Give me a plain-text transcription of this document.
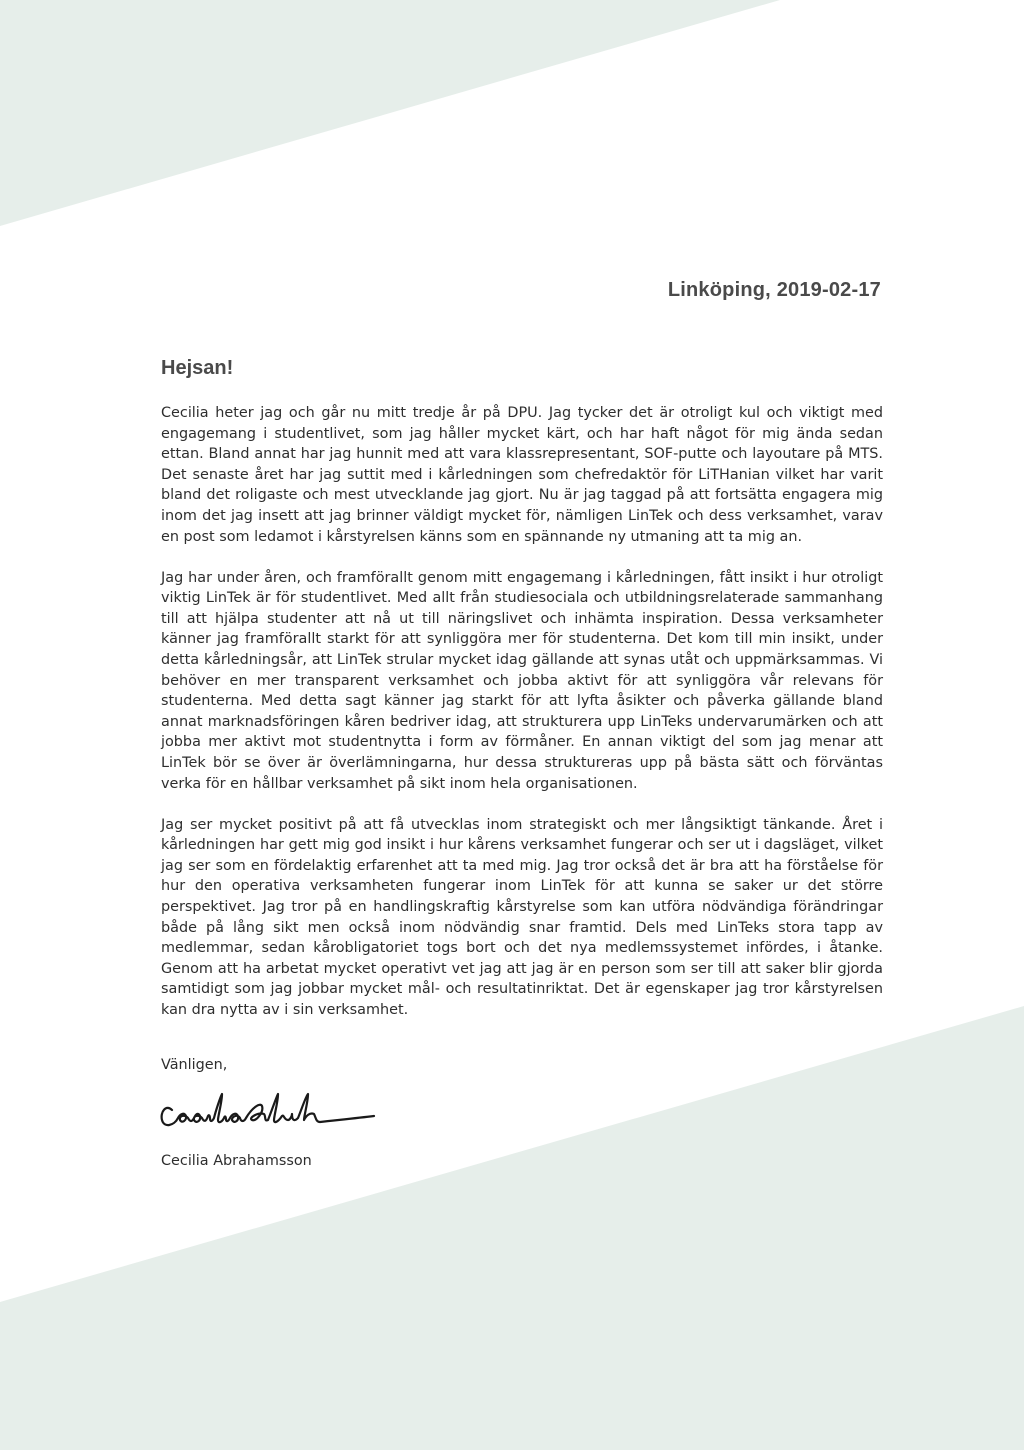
Linköping, 2019-02-17
Hejsan!

Cecilia heter jag och går nu mitt tredje år på DPU. Jag tycker det är otroligt kul och viktigt med engagemang i studentlivet, som jag håller mycket kärt, och har haft något för mig ända sedan ettan. Bland annat har jag hunnit med att vara klassrepresentant, SOF-putte och layoutare på MTS. Det senaste året har jag suttit med i kårledningen som chefredaktör för LiTHanian vilket har varit bland det roligaste och mest utvecklande jag gjort. Nu är jag taggad på att fortsätta engagera mig inom det jag insett att jag brinner väldigt mycket för, nämligen LinTek och dess verksamhet, varav en post som ledamot i kårstyrelsen känns som en spännande ny utmaning att ta mig an.

Jag har under åren, och framförallt genom mitt engagemang i kårledningen, fått insikt i hur otroligt viktig LinTek är för studentlivet. Med allt från studiesociala och utbildningsrelaterade sammanhang till att hjälpa studenter att nå ut till näringslivet och inhämta inspiration. Dessa verksamheter känner jag framförallt starkt för att synliggöra mer för studenterna. Det kom till min insikt, under detta kårledningsår, att LinTek strular mycket idag gällande att synas utåt och uppmärksammas. Vi behöver en mer transparent verksamhet och jobba aktivt för att synliggöra vår relevans för studenterna. Med detta sagt känner jag starkt för att lyfta åsikter och påverka gällande bland annat marknadsföringen kåren bedriver idag, att strukturera upp LinTeks undervarumärken och att jobba mer aktivt mot studentnytta i form av förmåner. En annan viktigt del som jag menar att LinTek bör se över är överlämningarna, hur dessa struktureras upp på bästa sätt och förväntas verka för en hållbar verksamhet på sikt inom hela organisationen.

Jag ser mycket positivt på att få utvecklas inom strategiskt och mer långsiktigt tänkande. Året i kårledningen har gett mig god insikt i hur kårens verksamhet fungerar och ser ut i dagsläget, vilket jag ser som en fördelaktig erfarenhet att ta med mig. Jag tror också det är bra att ha förståelse för hur den operativa verksamheten fungerar inom LinTek för att kunna se saker ur det större perspektivet. Jag tror på en handlingskraftig kårstyrelse som kan utföra nödvändiga förändringar både på lång sikt men också inom nödvändig snar framtid. Dels med LinTeks stora tapp av medlemmar, sedan kårobligatoriet togs bort och det nya medlemssystemet infördes, i åtanke. Genom att ha arbetat mycket operativt vet jag att jag är en person som ser till att saker blir gjorda samtidigt som jag jobbar mycket mål- och resultatinriktat. Det är egenskaper jag tror kårstyrelsen kan dra nytta av i sin verksamhet.

Vänligen,
Cecilia Abrahamsson
